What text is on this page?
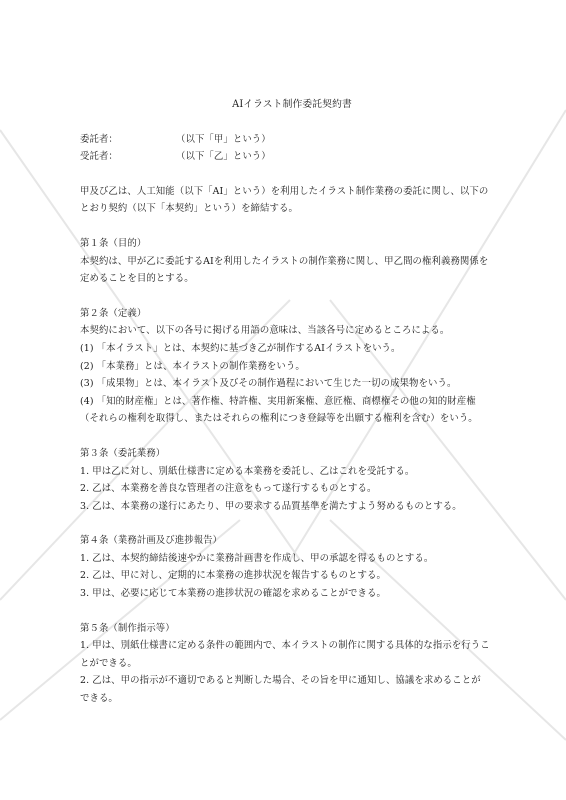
AIイラスト制作委託契約書
委託者：	（以下「甲」という）
受託者：	（以下「乙」という）

甲及び乙は、人工知能（以下「AI」という）を利用したイラスト制作業務の委託に関し、以下のとおり契約（以下「本契約」という）を締結する。

第１条（目的）

本契約は、甲が乙に委託するAIを利用したイラストの制作業務に関し、甲乙間の権利義務関係を定めることを目的とする。

第２条（定義）

本契約において、以下の各号に掲げる用語の意味は、当該各号に定めるところによる。

(1) 「本イラスト」とは、本契約に基づき乙が制作するAIイラストをいう。

(2) 「本業務」とは、本イラストの制作業務をいう。

(3) 「成果物」とは、本イラスト及びその制作過程において生じた一切の成果物をいう。

(4) 「知的財産権」とは、著作権、特許権、実用新案権、意匠権、商標権その他の知的財産権（それらの権利を取得し、またはそれらの権利につき登録等を出願する権利を含む）をいう。

第３条（委託業務）

1. 甲は乙に対し、別紙仕様書に定める本業務を委託し、乙はこれを受託する。

2. 乙は、本業務を善良な管理者の注意をもって遂行するものとする。

3. 乙は、本業務の遂行にあたり、甲の要求する品質基準を満たすよう努めるものとする。

第４条（業務計画及び進捗報告）

1. 乙は、本契約締結後速やかに業務計画書を作成し、甲の承認を得るものとする。

2. 乙は、甲に対し、定期的に本業務の進捗状況を報告するものとする。

3. 甲は、必要に応じて本業務の進捗状況の確認を求めることができる。

第５条（制作指示等）

1. 甲は、別紙仕様書に定める条件の範囲内で、本イラストの制作に関する具体的な指示を行うことができる。

2. 乙は、甲の指示が不適切であると判断した場合、その旨を甲に通知し、協議を求めることができる。
